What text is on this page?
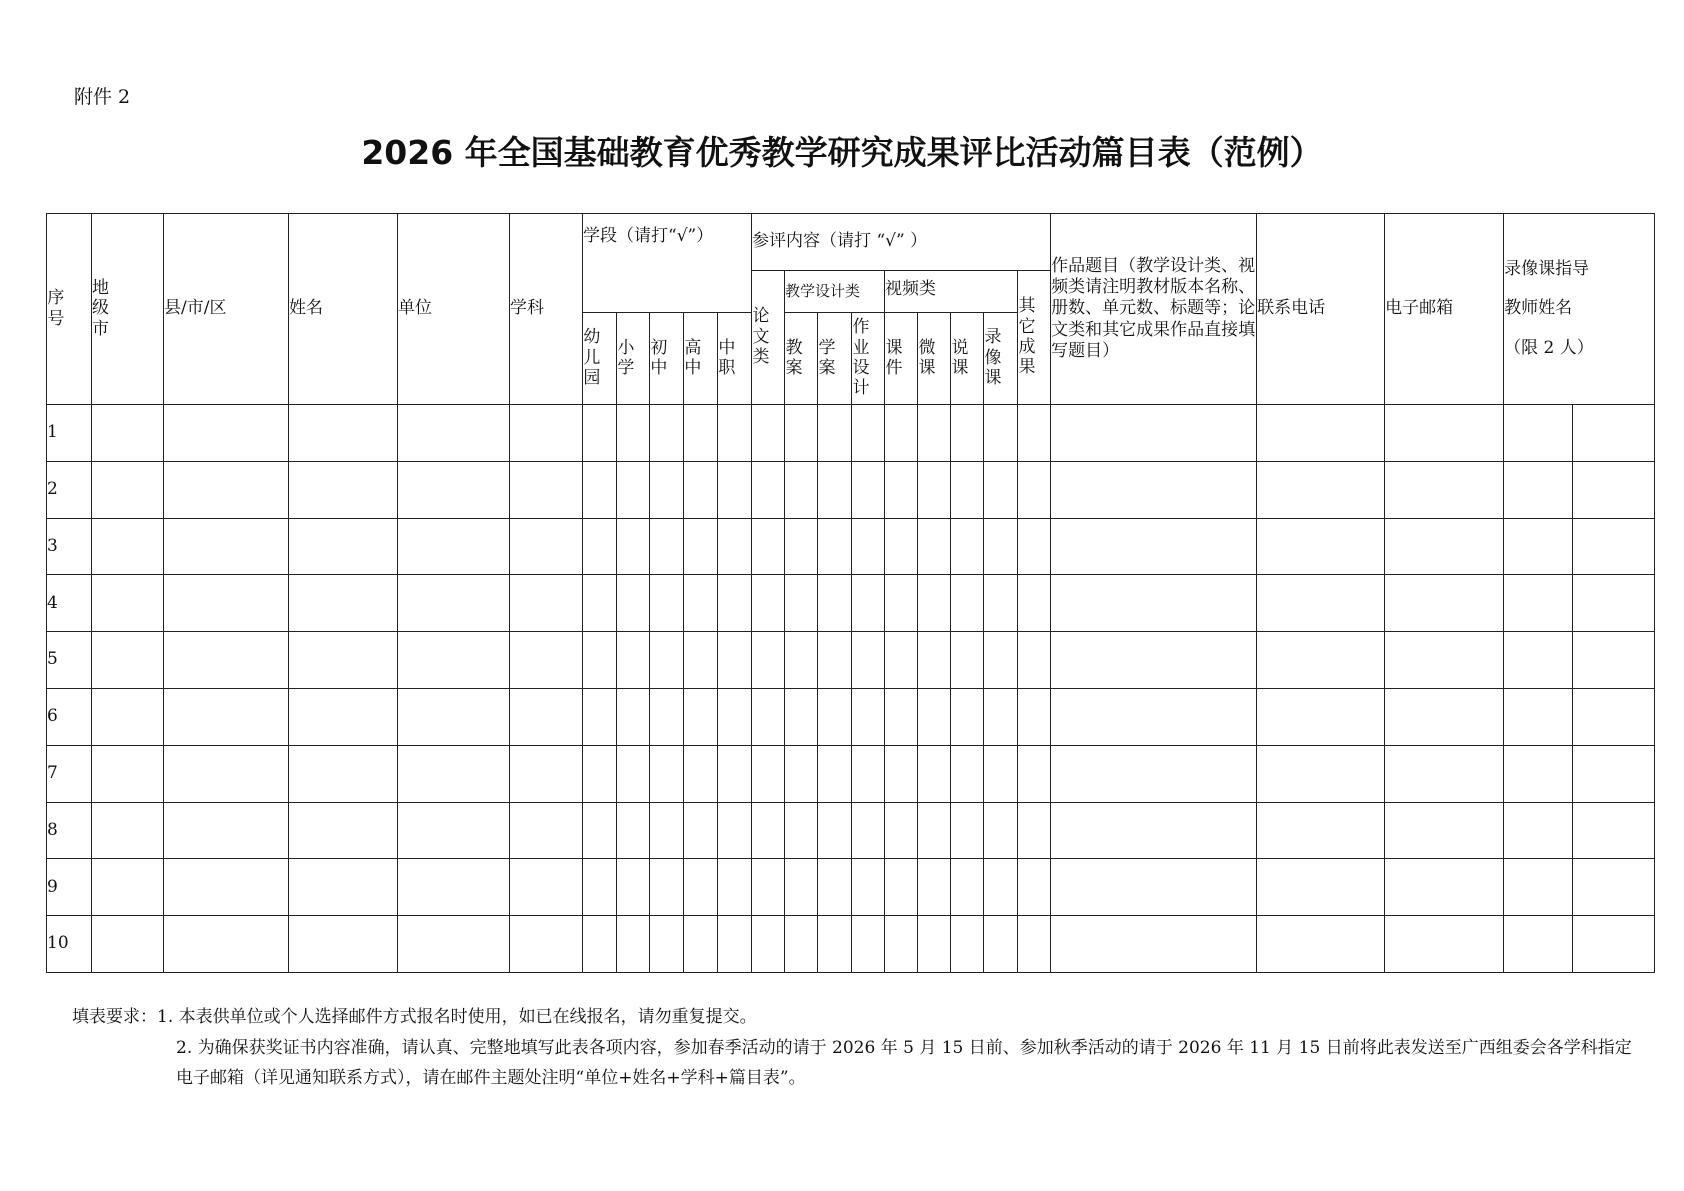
附件 2
2026 年全国基础教育优秀教学研究成果评比活动篇目表（范例）
序号	地级市	县/市/区	姓名	单位	学科	学段（请打“√”）					参评内容（请打 “√” ）									作品题目（教学设计类、视频类请注明教材版本名称、册数、单元数、标题等；论文类和其它成果作品直接填写题目）	联系电话	电子邮箱	录像课指导
教师姓名
（限 2 人）	

											论文类	教学设计类			视频类				其它成果					
						幼儿园	小学	初中	高中	中职		教案	学案	作业设计	课件	微课	说课	录像课						
1																								
2																								
3																								
4																								
5																								
6																								
7																								
8																								
9																								
10																								
填表要求：1. 本表供单位或个人选择邮件方式报名时使用，如已在线报名，请勿重复提交。
2. 为确保获奖证书内容准确，请认真、完整地填写此表各项内容，参加春季活动的请于 2026 年 5 月 15 日前、参加秋季活动的请于 2026 年 11 月 15 日前将此表发送至广西组委会各学科指定电子邮箱（详见通知联系方式），请在邮件主题处注明“单位+姓名+学科+篇目表”。
